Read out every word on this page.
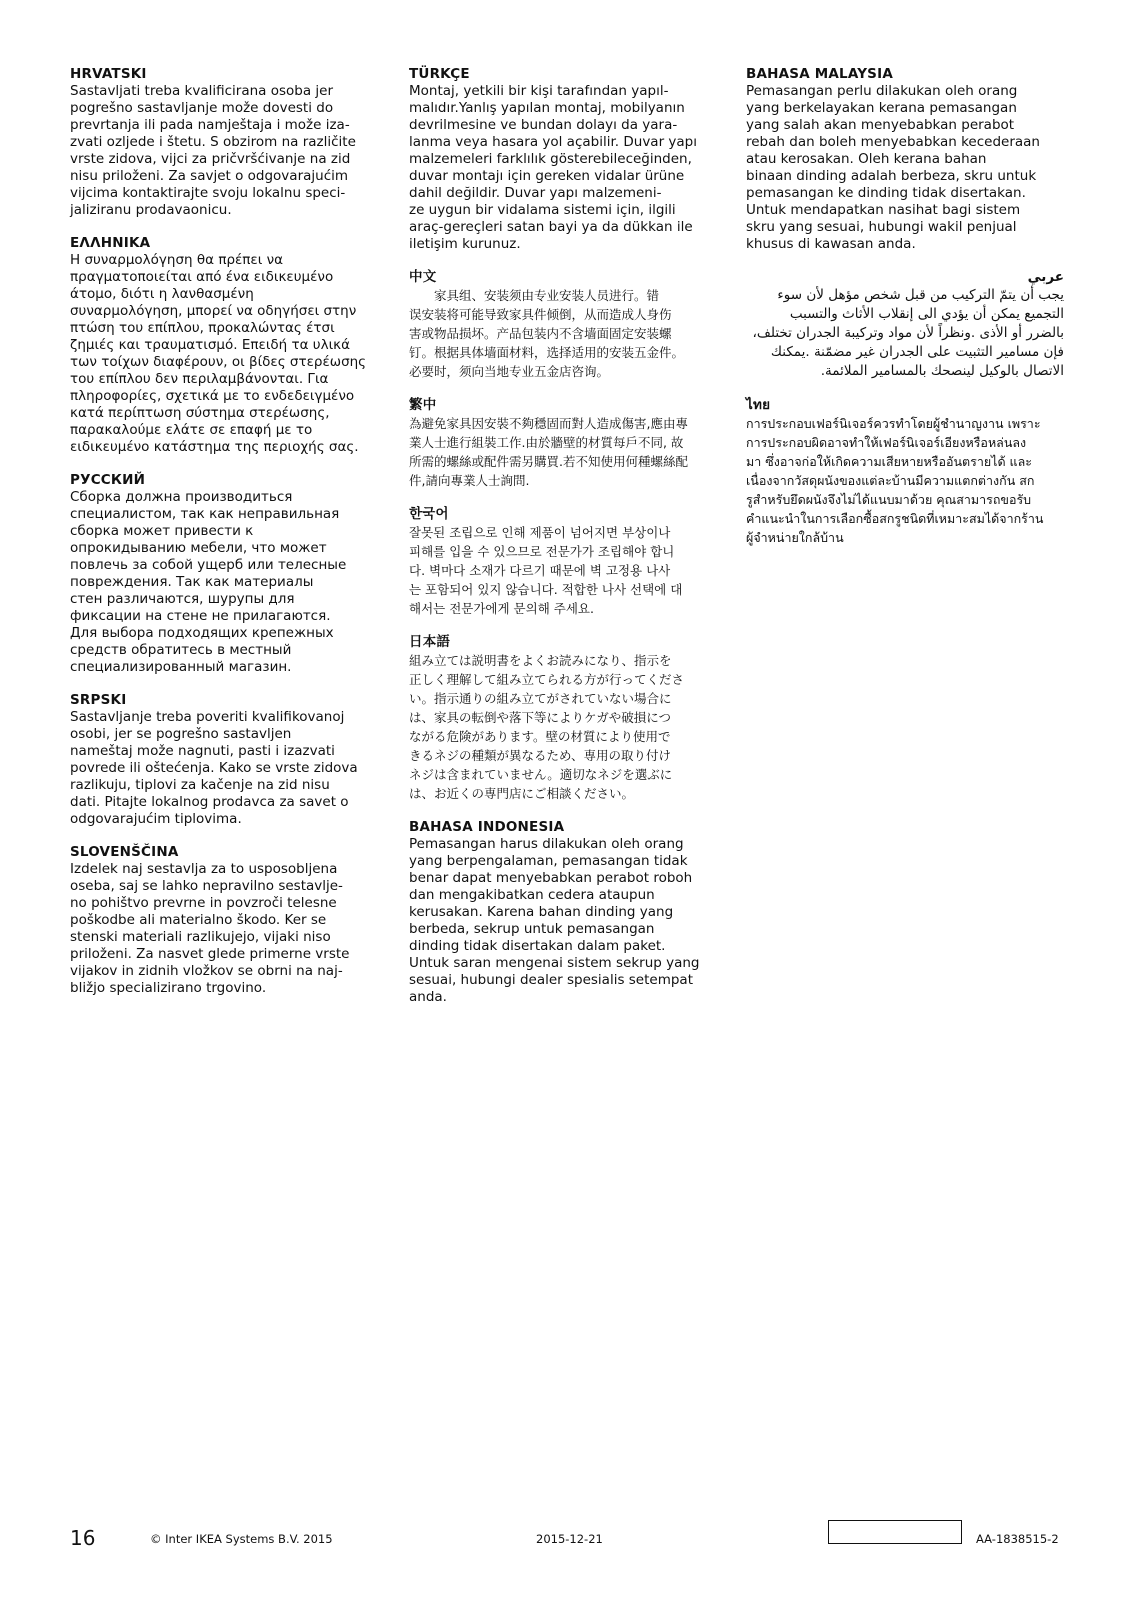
HRVATSKI
Sastavljati treba kvalificirana osoba jer
pogrešno sastavljanje može dovesti do
prevrtanja ili pada namještaja i može iza-
zvati ozljede i štetu. S obzirom na različite
vrste zidova, vijci za pričvršćivanje na zid
nisu priloženi. Za savjet o odgovarajućim
vijcima kontaktirajte svoju lokalnu speci-
jaliziranu prodavaonicu.
ΕΛΛΗΝΙΚΑ
Η συναρμολόγηση θα πρέπει να
πραγματοποιείται από ένα ειδικευμένο
άτομο, διότι η λανθασμένη
συναρμολόγηση, μπορεί να οδηγήσει στην
πτώση του επίπλου, προκαλώντας έτσι
ζημιές και τραυματισμό. Επειδή τα υλικά
των τοίχων διαφέρουν, οι βίδες στερέωσης
του επίπλου δεν περιλαμβάνονται. Για
πληροφορίες, σχετικά με το ενδεδειγμένο
κατά περίπτωση σύστημα στερέωσης,
παρακαλούμε ελάτε σε επαφή με το
ειδικευμένο κατάστημα της περιοχής σας.
РУССКИЙ
Сборка должна производиться
специалистом, так как неправильная
сборка может привести к
опрокидыванию мебели, что может
повлечь за собой ущерб или телесные
повреждения. Так как материалы
стен различаются, шурупы для
фиксации на стене не прилагаются.
Для выбора подходящих крепежных
средств обратитесь в местный
специализированный магазин.
SRPSKI
Sastavljanje treba poveriti kvalifikovanoj
osobi, jer se pogrešno sastavljen
nameštaj može nagnuti, pasti i izazvati
povrede ili oštećenja. Kako se vrste zidova
razlikuju, tiplovi za kačenje na zid nisu
dati. Pitajte lokalnog prodavca za savet o
odgovarajućim tiplovima.
SLOVENŠČINA
Izdelek naj sestavlja za to usposobljena
oseba, saj se lahko nepravilno sestavlje-
no pohištvo prevrne in povzroči telesne
poškodbe ali materialno škodo. Ker se
stenski materiali razlikujejo, vijaki niso
priloženi. Za nasvet glede primerne vrste
vijakov in zidnih vložkov se obrni na naj-
bližjo specializirano trgovino.
TÜRKÇE
Montaj, yetkili bir kişi tarafından yapıl-
malıdır.Yanlış yapılan montaj, mobilyanın
devrilmesine ve bundan dolayı da yara-
lanma veya hasara yol açabilir. Duvar yapı
malzemeleri farklılık gösterebileceğinden,
duvar montajı için gereken vidalar ürüne
dahil değildir. Duvar yapı malzemeni-
ze uygun bir vidalama sistemi için, ilgili
araç-gereçleri satan bayi ya da dükkan ile
iletişim kurunuz.
中文
　　家具组、安装须由专业安装人员进行。错
误安装将可能导致家具件倾倒，从而造成人身伤
害或物品损坏。产品包装内不含墙面固定安装螺
钉。根据具体墙面材料，选择适用的安装五金件。
必要时，须向当地专业五金店咨询。
繁中
為避免家具因安裝不夠穩固而對人造成傷害,應由專
業人士進行組裝工作.由於牆壁的材質每戶不同, 故
所需的螺絲或配件需另購買.若不知使用何種螺絲配
件,請向專業人士詢問.
한국어
잘못된 조립으로 인해 제품이 넘어지면 부상이나
피해를 입을 수 있으므로 전문가가 조립해야 합니
다. 벽마다 소재가 다르기 때문에 벽 고정용 나사
는 포함되어 있지 않습니다. 적합한 나사 선택에 대
해서는 전문가에게 문의해 주세요.
日本語
組み立ては説明書をよくお読みになり、指示を
正しく理解して組み立てられる方が行ってくださ
い。指示通りの組み立てがされていない場合に
は、家具の転倒や落下等によりケガや破損につ
ながる危険があります。壁の材質により使用で
きるネジの種類が異なるため、専用の取り付け
ネジは含まれていません。適切なネジを選ぶに
は、お近くの専門店にご相談ください。
BAHASA INDONESIA
Pemasangan harus dilakukan oleh orang
yang berpengalaman, pemasangan tidak
benar dapat menyebabkan perabot roboh
dan mengakibatkan cedera ataupun
kerusakan. Karena bahan dinding yang
berbeda, sekrup untuk pemasangan
dinding tidak disertakan dalam paket.
Untuk saran mengenai sistem sekrup yang
sesuai, hubungi dealer spesialis setempat
anda.
BAHASA MALAYSIA
Pemasangan perlu dilakukan oleh orang
yang berkelayakan kerana pemasangan
yang salah akan menyebabkan perabot
rebah dan boleh menyebabkan kecederaan
atau kerosakan. Oleh kerana bahan
binaan dinding adalah berbeza, skru untuk
pemasangan ke dinding tidak disertakan.
Untuk mendapatkan nasihat bagi sistem
skru yang sesuai, hubungi wakil penjual
khusus di kawasan anda.
عربي
يجب أن يتمّ التركيب من قبل شخص مؤهل لأن سوء
التجميع يمكن أن يؤدي الى إنقلاب الأثاث والتسبب
بالضرر أو الأذى .ونظراً لأن مواد وتركيبة الجدران تختلف،
فإن مسامير التثبيت على الجدران غير مضمّنة .يمكنك
الاتصال بالوكيل لينصحك بالمسامير الملائمة.
ไทย
การประกอบเฟอร์นิเจอร์ควรทำโดยผู้ชำนาญงาน เพราะ
การประกอบผิดอาจทำให้เฟอร์นิเจอร์เอียงหรือหล่นลง
มา ซึ่งอาจก่อให้เกิดความเสียหายหรืออันตรายได้ และ
เนื่องจากวัสดุผนังของแต่ละบ้านมีความแตกต่างกัน สก
รูสำหรับยึดผนังจึงไม่ได้แนบมาด้วย คุณสามารถขอรับ
คำแนะนำในการเลือกซื้อสกรูชนิดที่เหมาะสมได้จากร้าน
ผู้จำหน่ายใกล้บ้าน
16	© Inter IKEA Systems B.V. 2015	2015-12-21	AA-1838515-2
